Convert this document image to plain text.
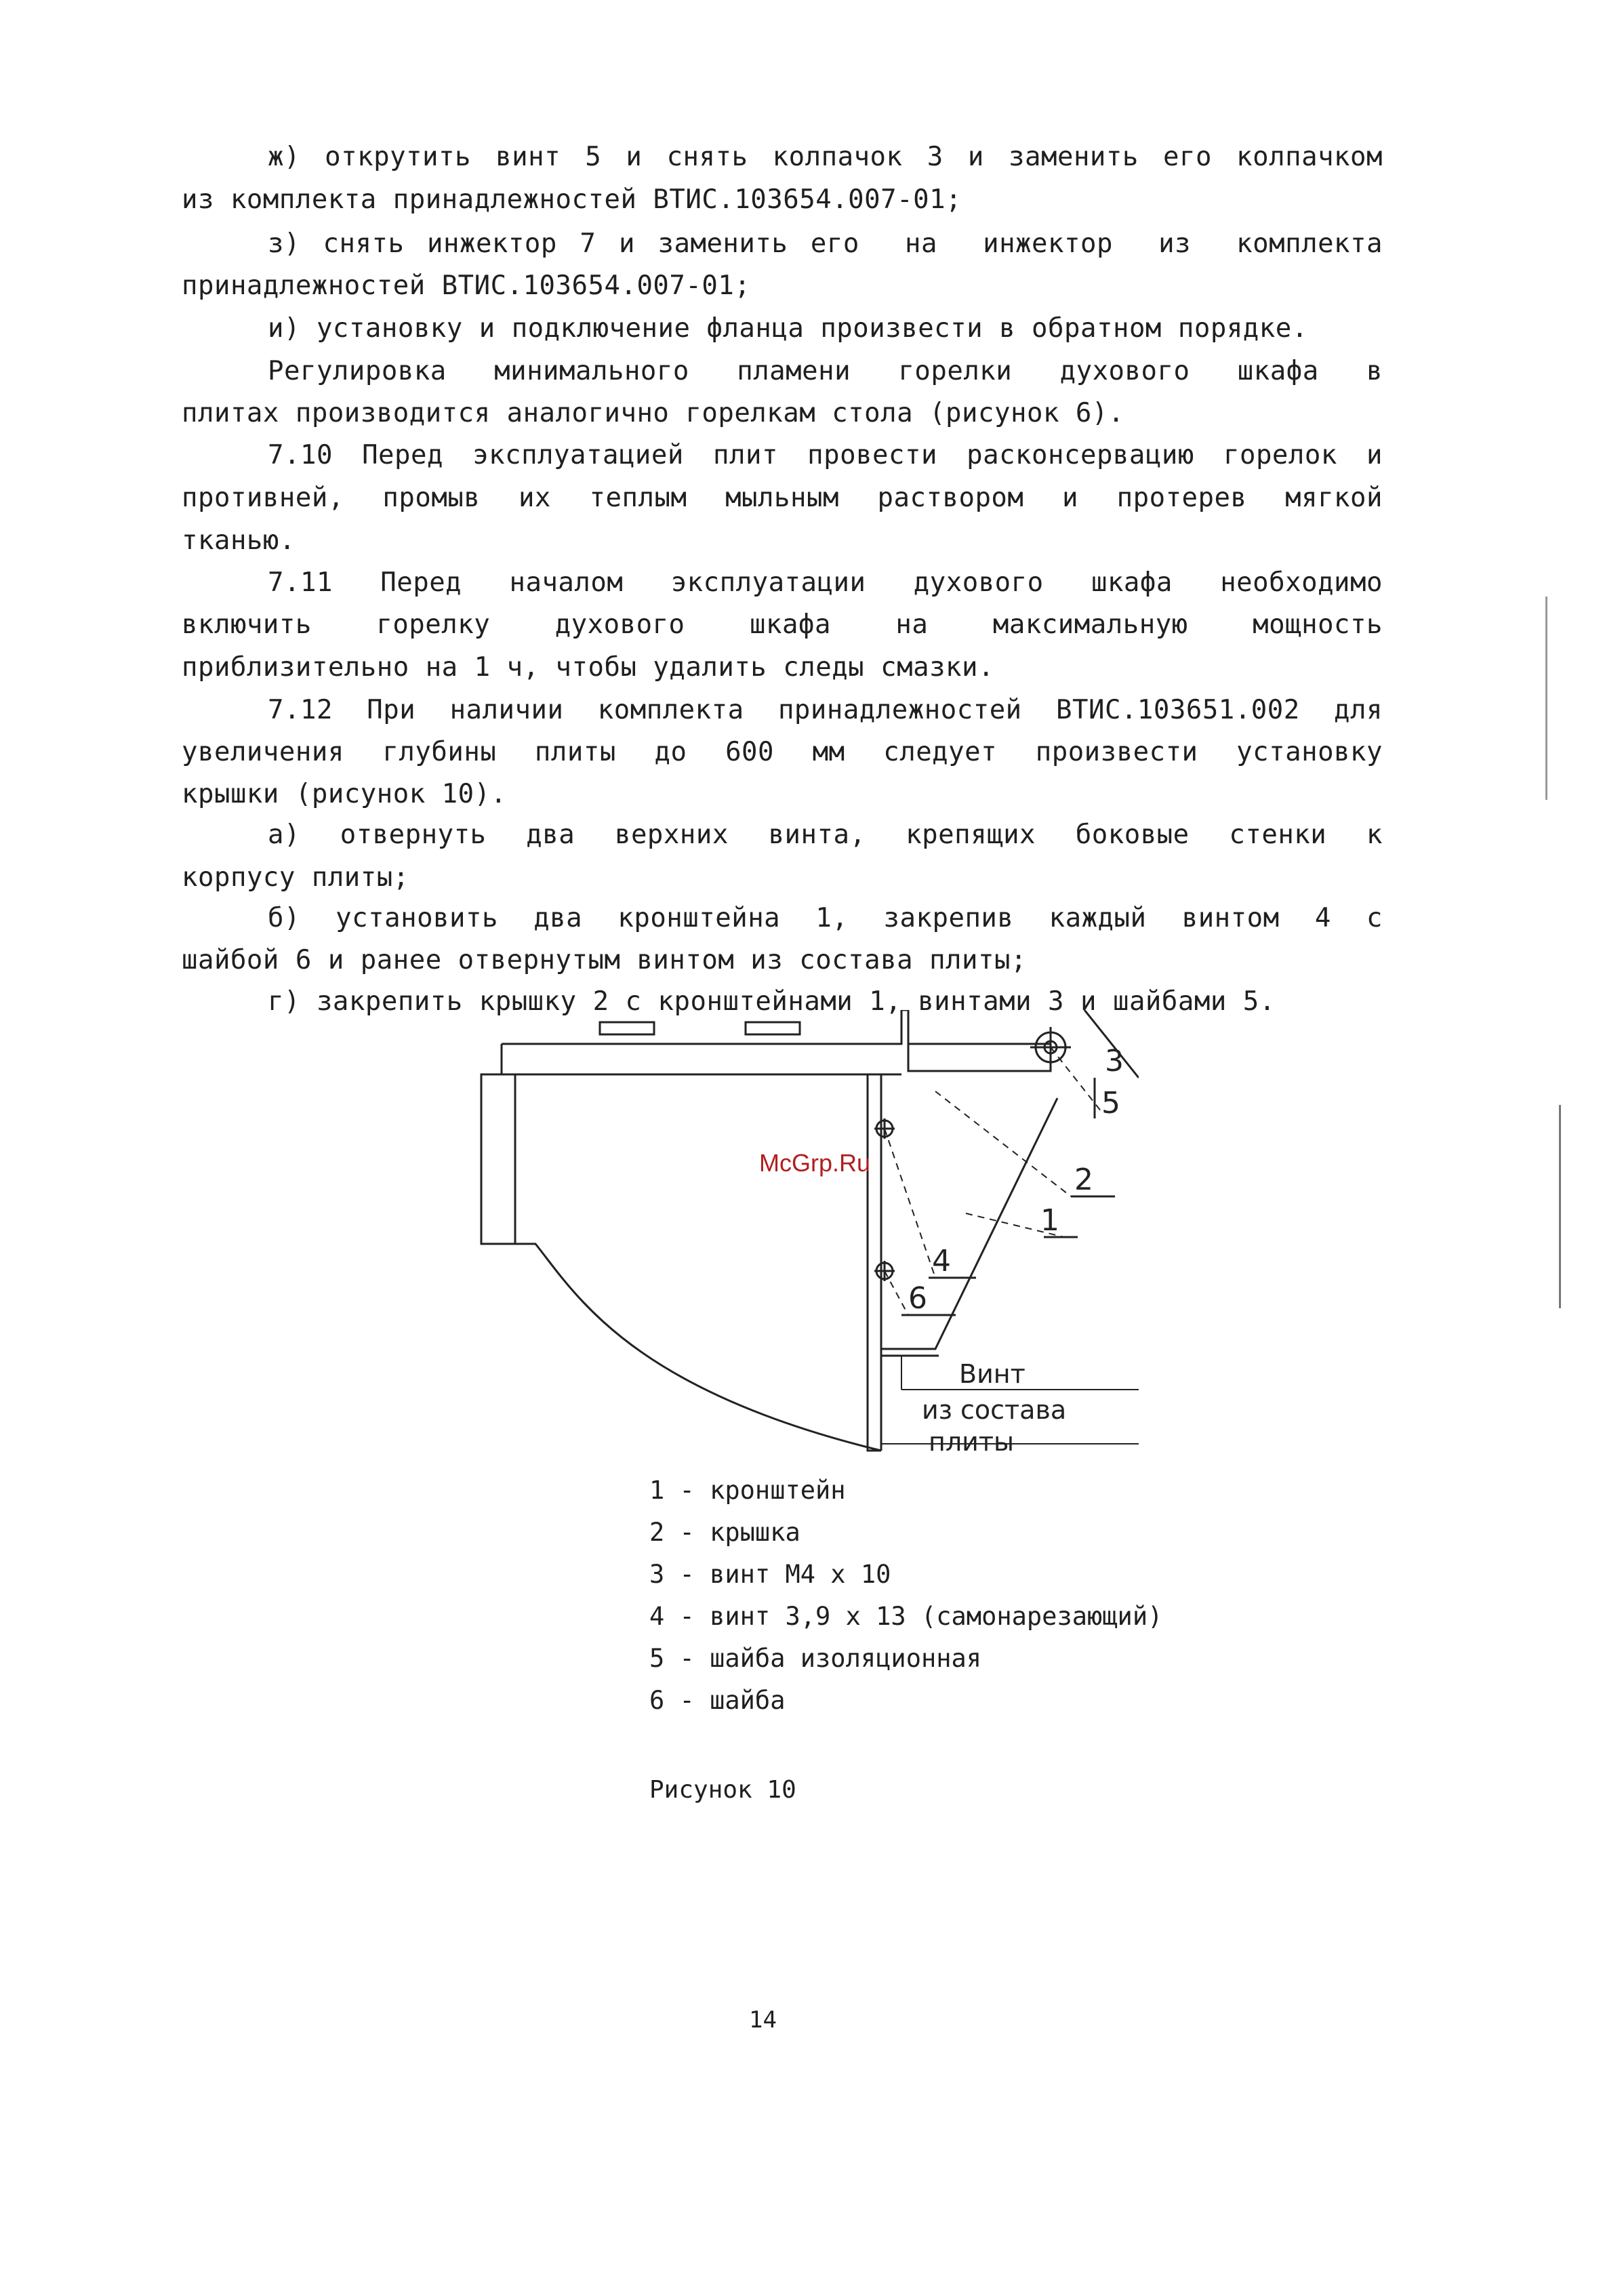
ж) открутить винт 5 и снять колпачок 3 и заменить его колпачком
из комплекта принадлежностей ВТИС.103654.007-01;
з) снять инжектор 7 и заменить его  на  инжектор  из  комплекта
принадлежностей ВТИС.103654.007-01;
и) установку и подключение фланца произвести в обратном порядке.
Регулировка минимального пламени горелки духового шкафа в
плитах производится аналогично горелкам стола (рисунок 6).
7.10 Перед эксплуатацией плит провести расконсервацию горелок и
противней, промыв их теплым мыльным раствором и протерев мягкой
тканью.
7.11 Перед началом эксплуатации духового шкафа необходимо
включить горелку духового шкафа на максимальную мощность
приблизительно на 1 ч, чтобы удалить следы смазки.
7.12 При наличии комплекта принадлежностей ВТИС.103651.002 для
увеличения глубины плиты до 600 мм следует произвести установку
крышки (рисунок 10).
а) отвернуть два верхних винта, крепящих боковые стенки к
корпусу плиты;
б) установить два кронштейна 1, закрепив каждый винтом 4 с
шайбой 6 и ранее отвернутым винтом из состава плиты;
г) закрепить крышку 2 с кронштейнами 1, винтами 3 и шайбами 5.
3
5
2
1
4
6
Винт
из состава
плиты
McGrp.Ru
1 - кронштейн
2 - крышка
3 - винт М4 х 10
4 - винт 3,9 х 13 (самонарезающий)
5 - шайба изоляционная
6 - шайба
Рисунок 10
14
